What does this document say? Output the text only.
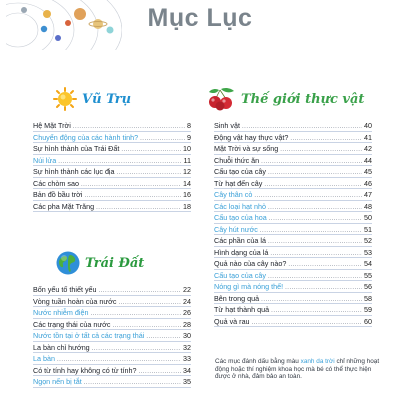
Mục Lục
Vũ Trụ
Hệ Mặt Trời .....	8
Chuyển động của các hành tinh? .....	9
Sự hình thành của Trái Đất .....	10
Núi lửa .....	11
Sự hình thành các lục địa .....	12
Các chòm sao .....	14
Bản đồ bầu trời .....	16
Các pha Mặt Trăng .....	18
Trái Đất
Bốn yếu tố thiết yếu .....	22
Vòng tuần hoàn của nước .....	24
Nước nhiễm điện .....	26
Các trạng thái của nước .....	28
Nước tồn tại ở tất cả các trạng thái .....	30
La bàn chỉ hướng .....	32
La bàn .....	33
Có từ tính hay không có từ tính? .....	34
Ngọn nến bị tắt .....	35
Thế giới thực vật
Sinh vật .....	40
Động vật hay thực vật? .....	41
Mặt Trời và sự sống .....	42
Chuỗi thức ăn .....	44
Cấu tạo của cây .....	45
Từ hạt đến cây .....	46
Cây thân cỏ .....	47
Các loại hạt nhỏ .....	48
Cấu tạo của hoa .....	50
Cây hút nước .....	51
Các phần của lá .....	52
Hình dạng của lá .....	53
Quả nào của cây nào? .....	54
Cấu tạo của cây .....	55
Nóng gì mà nóng thế! .....	56
Bên trong quả .....	58
Từ hạt thành quả .....	59
Quả và rau .....	60
Các mục đánh dấu bằng màu xanh da trời chỉ những hoạt động hoặc thí nghiệm khoa học mà bé có thể thực hiện được ở nhà, đảm bảo an toàn.
